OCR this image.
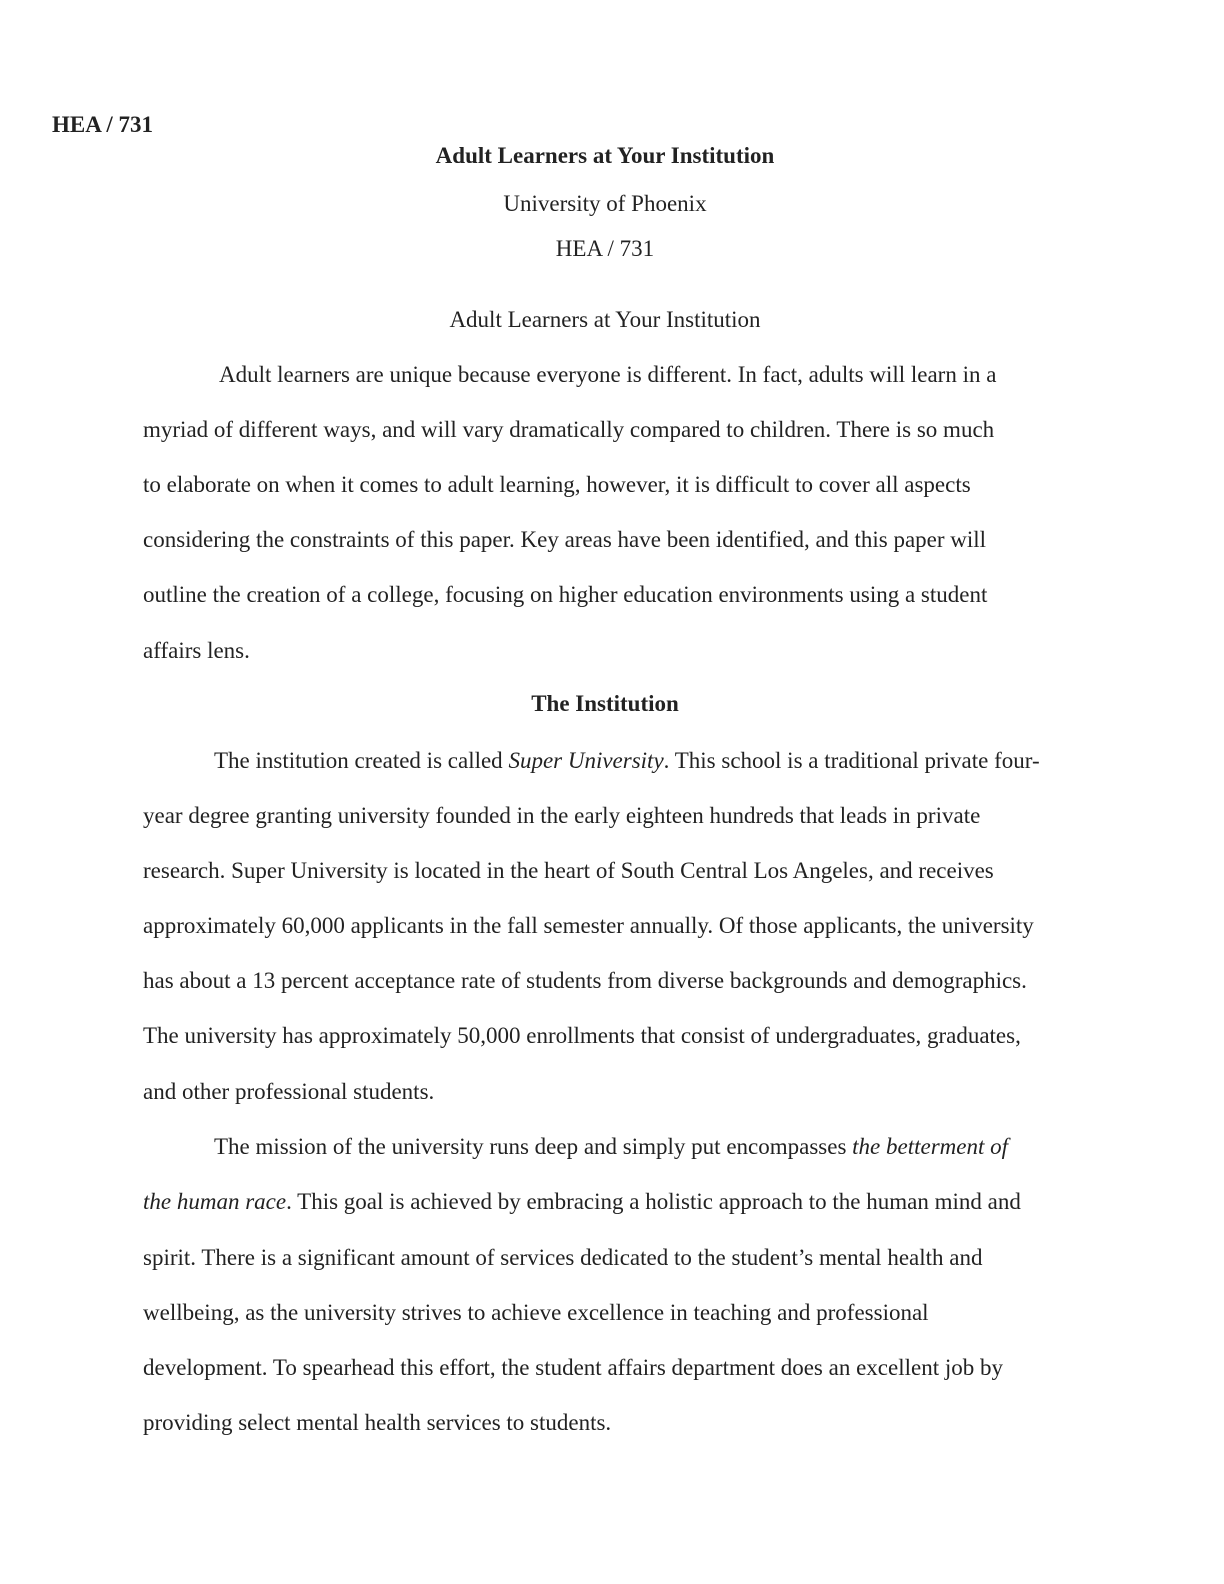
HEA / 731
Adult Learners at Your Institution
University of Phoenix
HEA / 731
Adult Learners at Your Institution
Adult learners are unique because everyone is different. In fact, adults will learn in a
myriad of different ways, and will vary dramatically compared to children. There is so much
to elaborate on when it comes to adult learning, however, it is difficult to cover all aspects
considering the constraints of this paper. Key areas have been identified, and this paper will
outline the creation of a college, focusing on higher education environments using a student
affairs lens.
The Institution
The institution created is called Super University. This school is a traditional private four-
year degree granting university founded in the early eighteen hundreds that leads in private
research. Super University is located in the heart of South Central Los Angeles, and receives
approximately 60,000 applicants in the fall semester annually. Of those applicants, the university
has about a 13 percent acceptance rate of students from diverse backgrounds and demographics.
The university has approximately 50,000 enrollments that consist of undergraduates, graduates,
and other professional students.
The mission of the university runs deep and simply put encompasses the betterment of
the human race. This goal is achieved by embracing a holistic approach to the human mind and
spirit. There is a significant amount of services dedicated to the student’s mental health and
wellbeing, as the university strives to achieve excellence in teaching and professional
development. To spearhead this effort, the student affairs department does an excellent job by
providing select mental health services to students.
